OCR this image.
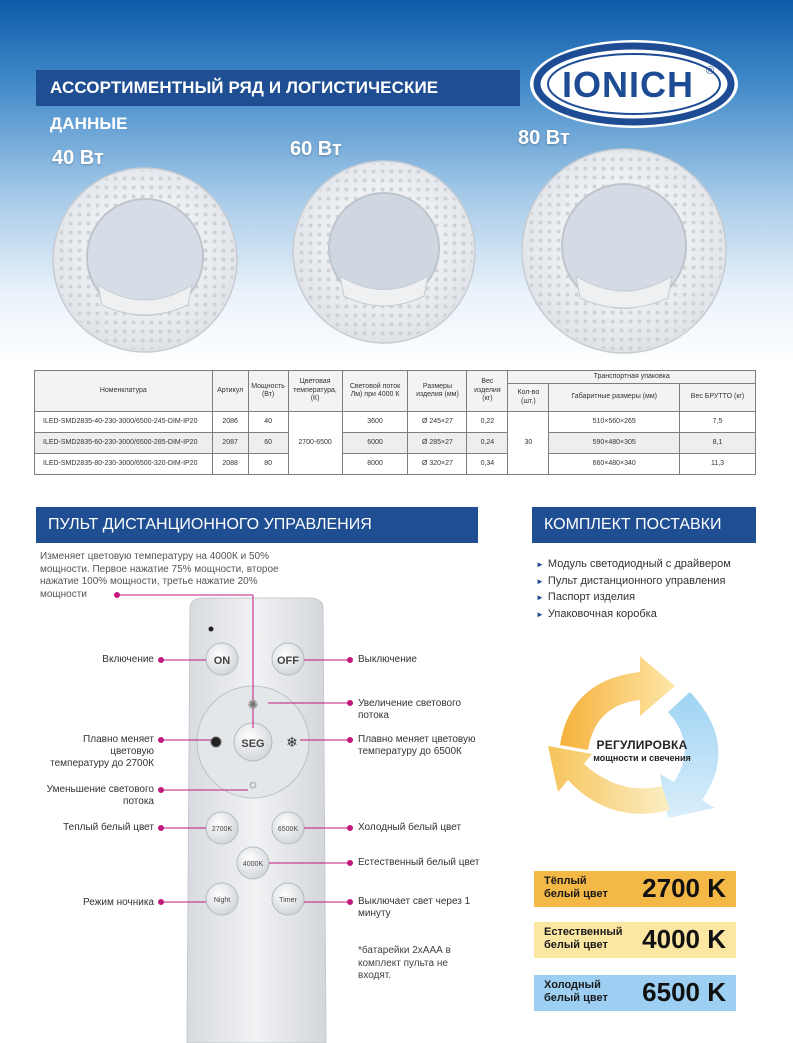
АССОРТИМЕНТНЫЙ РЯД И ЛОГИСТИЧЕСКИЕ ДАННЫЕ
IONICH ®
40 Вт	60 Вт	80 Вт
Номенклатура	Артикул	Мощность (Вт)	Цветовая температура, (К)	Световой поток Лм) при 4000 К	Размеры изделия (мм)	Вес изделия (кг)	Транспортная упаковка		
							Кол-во (шт.)	Габаритные размеры (мм)	Вес БРУТТО (кг)
ILED-SMD2835-40-230-3000/6500-245-DIM-IP20	2086	40	2700-6500	3600	Ø 245×27	0,22	30	510×560×265	7,5
ILED-SMD2835-60-230-3000/6500-285-DIM-IP20	2087	60		6000	Ø 285×27	0,24		590×480×305	8,1
ILED-SMD2835-80-230-3000/6500-320-DIM-IP20	2088	80		8000	Ø 320×27	0,34		660×480×340	11,3
ПУЛЬТ ДИСТАНЦИОННОГО УПРАВЛЕНИЯ	КОМПЛЕКТ ПОСТАВКИ
Изменяет цветовую температуру на 4000К и 50% мощности. Первое нажатие 75% мощности, второе нажатие 100% мощности, третье нажатие 20% мощности
ON	OFF
SEG
✺
☼
❄
2700K	6500K
4000K
Night	Timer
Включение	Выключение
Увеличение светового потока
Плавно меняет цветовую температуру до 2700К
Плавно меняет цветовую температуру до 6500К
Уменьшение светового потока
Теплый белый цвет	Холодный белый цвет
Естественный белый цвет
Режим ночника	Выключает свет через 1 минуту
*батарейки 2хААА в комплект пульта не входят.
► Модуль светодиодный с драйвером
► Пульт дистанционного управления
► Паспорт изделия
► Упаковочная коробка
РЕГУЛИРОВКА
мощности и свечения
Тёплый белый цвет	2700 K
Естественный белый цвет	4000 K
Холодный белый цвет	6500 K
